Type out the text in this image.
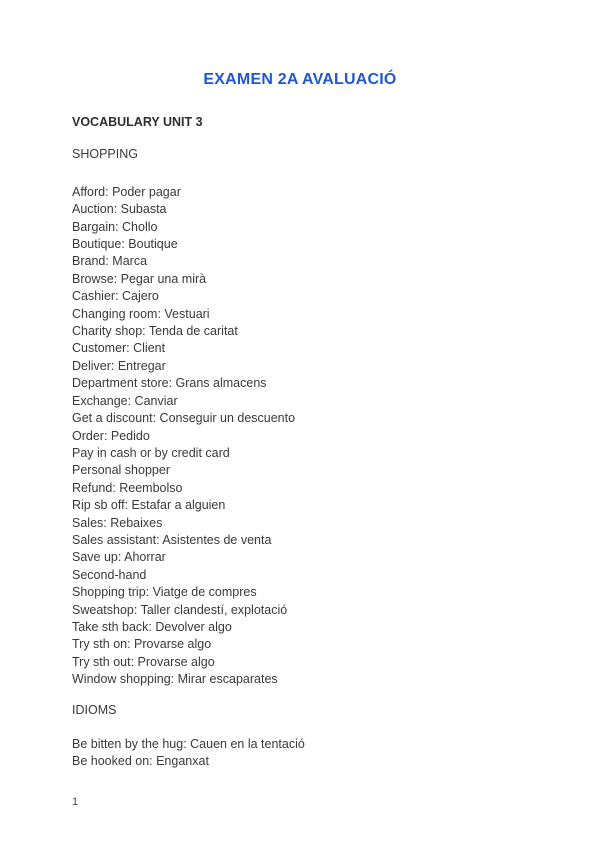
EXAMEN 2A AVALUACIÓ
VOCABULARY UNIT 3
SHOPPING
Afford: Poder pagar
Auction: Subasta
Bargain: Chollo
Boutique: Boutique
Brand: Marca
Browse: Pegar una mirà
Cashier: Cajero
Changing room: Vestuari
Charity shop: Tenda de caritat
Customer: Client
Deliver: Entregar
Department store: Grans almacens
Exchange: Canviar
Get a discount: Conseguir un descuento
Order: Pedido
Pay in cash or by credit card
Personal shopper
Refund: Reembolso
Rip sb off: Estafar a alguien
Sales: Rebaixes
Sales assistant: Asistentes de venta
Save up: Ahorrar
Second-hand
Shopping trip: Viatge de compres
Sweatshop: Taller clandestí, explotació
Take sth back: Devolver algo
Try sth on: Provarse algo
Try sth out: Provarse algo
Window shopping: Mirar escaparates
IDIOMS
Be bitten by the hug: Cauen en la tentació
Be hooked on: Enganxat
1
